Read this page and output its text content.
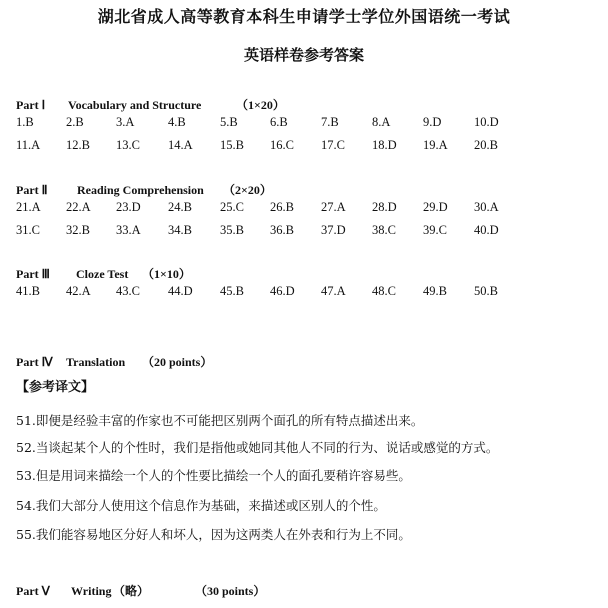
湖北省成人高等教育本科生申请学士学位外国语统一考试
英语样卷参考答案
Part Ⅰ Vocabulary and Structure	（1×20）
1.B	2.B	3.A	4.B	5.B	6.B	7.B	8.A	9.D	10.D
11.A 12.B 13.C 14.A 15.B 16.C 17.C 18.D 19.A 20.B
Part Ⅱ Reading Comprehension （2×20）
21.A 22.A 23.D 24.B 25.C 26.B 27.A 28.D 29.D 30.A
31.C 32.B 33.A 34.B 35.B 36.B 37.D 38.C 39.C 40.D
Part Ⅲ Cloze Test （1×10）
41.B 42.A 43.C 44.D 45.B 46.D 47.A 48.C 49.B 50.B
Part Ⅳ Translation （20 points）
【参考译文】
51.即便是经验丰富的作家也不可能把区别两个面孔的所有特点描述出来。
52.当谈起某个人的个性时，我们是指他或她同其他人不同的行为、说话或感觉的方式。
53.但是用词来描绘一个人的个性要比描绘一个人的面孔要稍许容易些。
54.我们大部分人使用这个信息作为基础，来描述或区别人的个性。
55.我们能容易地区分好人和坏人，因为这两类人在外表和行为上不同。
Part Ⅴ Writing （略）	（30 points）
